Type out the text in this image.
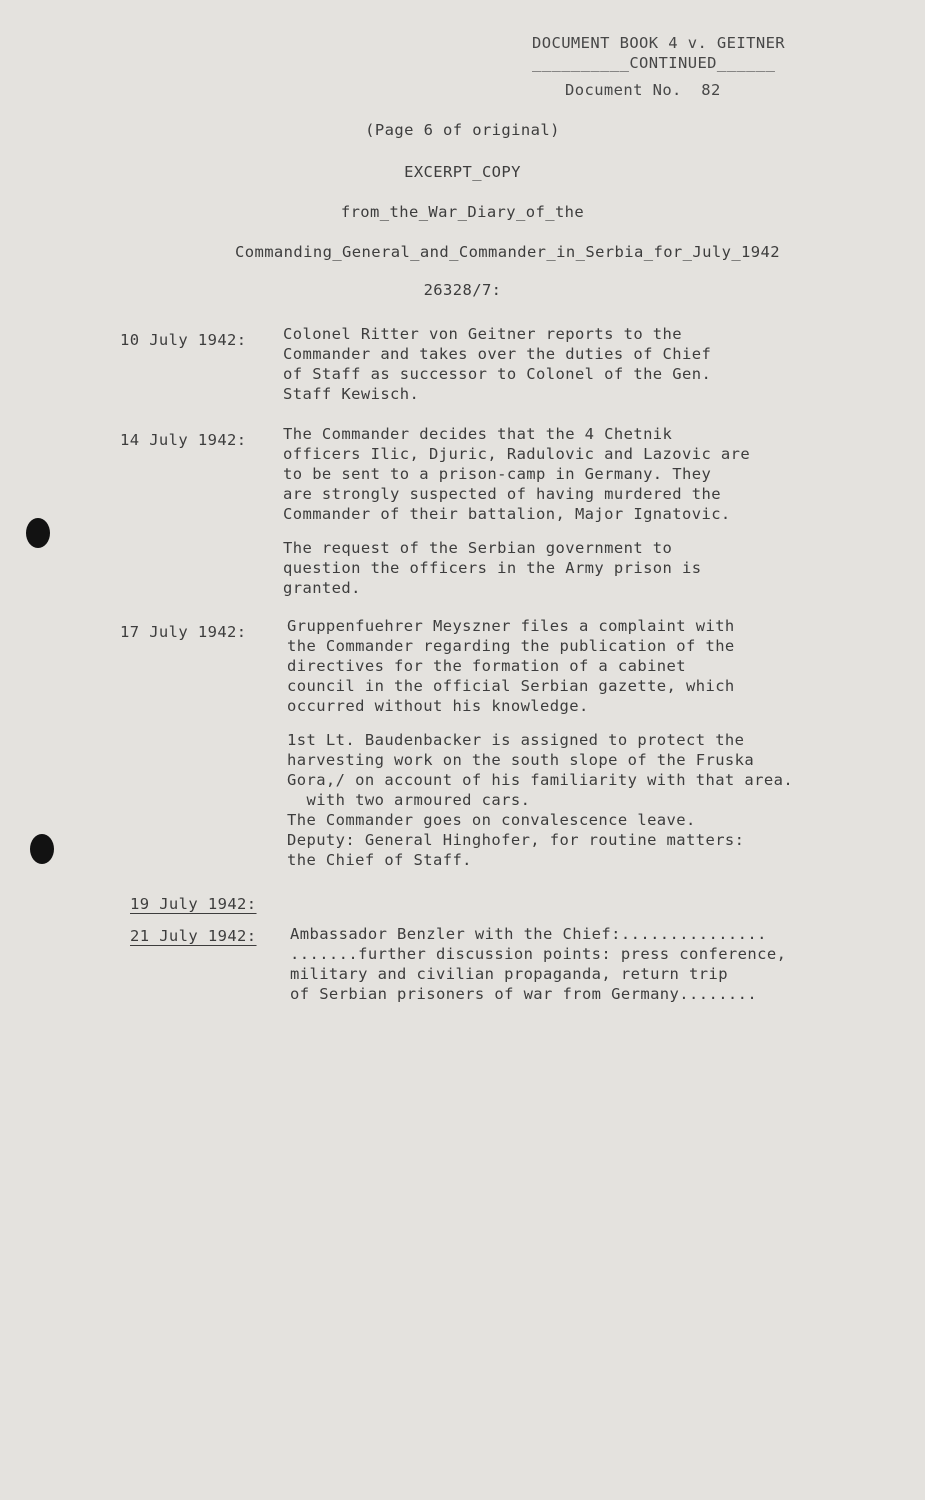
DOCUMENT BOOK 4 v. GEITNER
__________CONTINUED______
Document No.  82
(Page 6 of original)
EXCERPT_COPY
from_the_War_Diary_of_the
Commanding_General_and_Commander_in_Serbia_for_July_1942
26328/7:
10 July 1942: Colonel Ritter von Geitner reports to the
Commander and takes over the duties of Chief
of Staff as successor to Colonel of the Gen.
Staff Kewisch.
14 July 1942: The Commander decides that the 4 Chetnik
officers Ilic, Djuric, Radulovic and Lazovic are
to be sent to a prison-camp in Germany. They
are strongly suspected of having murdered the
Commander of their battalion, Major Ignatovic.
The request of the Serbian government to
question the officers in the Army prison is
granted.
17 July 1942:	Gruppenfuehrer Meyszner files a complaint with
the Commander regarding the publication of the
directives for the formation of a cabinet
council in the official Serbian gazette, which
occurred without his knowledge.
1st Lt. Baudenbacker is assigned to protect the
harvesting work on the south slope of the Fruska
Gora,/ on account of his familiarity with that area.
with two armoured cars.
The Commander goes on convalescence leave.
Deputy: General Hinghofer, for routine matters:
the Chief of Staff.
19 July 1942:
21 July 1942: Ambassador Benzler with the Chief:...............
.......further discussion points: press conference,
military and civilian propaganda, return trip
of Serbian prisoners of war from Germany........
